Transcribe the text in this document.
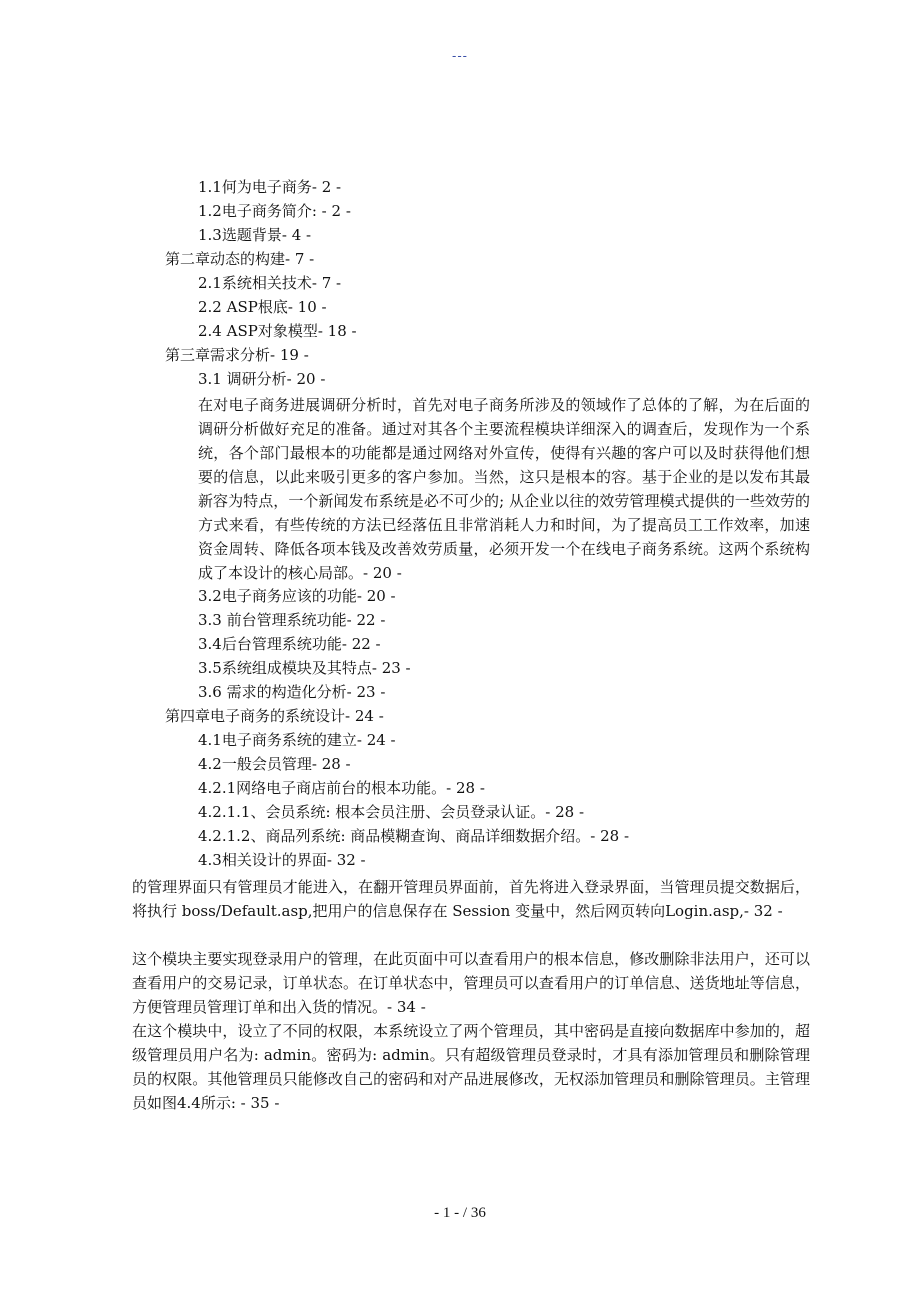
---
1.1何为电子商务- 2 -
1.2电子商务简介: - 2 -
1.3选题背景- 4 -
第二章动态的构建- 7 -
2.1系统相关技术- 7 -
2.2 ASP根底- 10 -
2.4 ASP对象模型- 18 -
第三章需求分析- 19 -
3.1 调研分析- 20 -
在对电子商务进展调研分析时，首先对电子商务所涉及的领域作了总体的了解，为在后面的调研分析做好充足的准备。通过对其各个主要流程模块详细深入的调查后，发现作为一个系统，各个部门最根本的功能都是通过网络对外宣传，使得有兴趣的客户可以及时获得他们想要的信息，以此来吸引更多的客户参加。当然，这只是根本的容。基于企业的是以发布其最新容为特点，一个新闻发布系统是必不可少的; 从企业以往的效劳管理模式提供的一些效劳的方式来看，有些传统的方法已经落伍且非常消耗人力和时间，为了提高员工工作效率，加速资金周转、降低各项本钱及改善效劳质量，必须开发一个在线电子商务系统。这两个系统构成了本设计的核心局部。- 20 -
3.2电子商务应该的功能- 20 -
3.3 前台管理系统功能- 22 -
3.4后台管理系统功能- 22 -
3.5系统组成模块及其特点- 23 -
3.6 需求的构造化分析- 23 -
第四章电子商务的系统设计- 24 -
4.1电子商务系统的建立- 24 -
4.2一般会员管理- 28 -
4.2.1网络电子商店前台的根本功能。- 28 -
4.2.1.1、会员系统: 根本会员注册、会员登录认证。- 28 -
4.2.1.2、商品列系统: 商品模糊查询、商品详细数据介绍。- 28 -
4.3相关设计的界面- 32 -
的管理界面只有管理员才能进入，在翻开管理员界面前，首先将进入登录界面，当管理员提交数据后，将执行 boss/Default.asp,把用户的信息保存在 Session 变量中，然后网页转向Login.asp,- 32 -
这个模块主要实现登录用户的管理，在此页面中可以查看用户的根本信息，修改删除非法用户，还可以查看用户的交易记录，订单状态。在订单状态中，管理员可以查看用户的订单信息、送货地址等信息，方便管理员管理订单和出入货的情况。- 34 -
在这个模块中，设立了不同的权限，本系统设立了两个管理员，其中密码是直接向数据库中参加的，超级管理员用户名为: admin。密码为: admin。只有超级管理员登录时，才具有添加管理员和删除管理员的权限。其他管理员只能修改自己的密码和对产品进展修改，无权添加管理员和删除管理员。主管理员如图4.4所示: - 35 -
- 1 - / 36
